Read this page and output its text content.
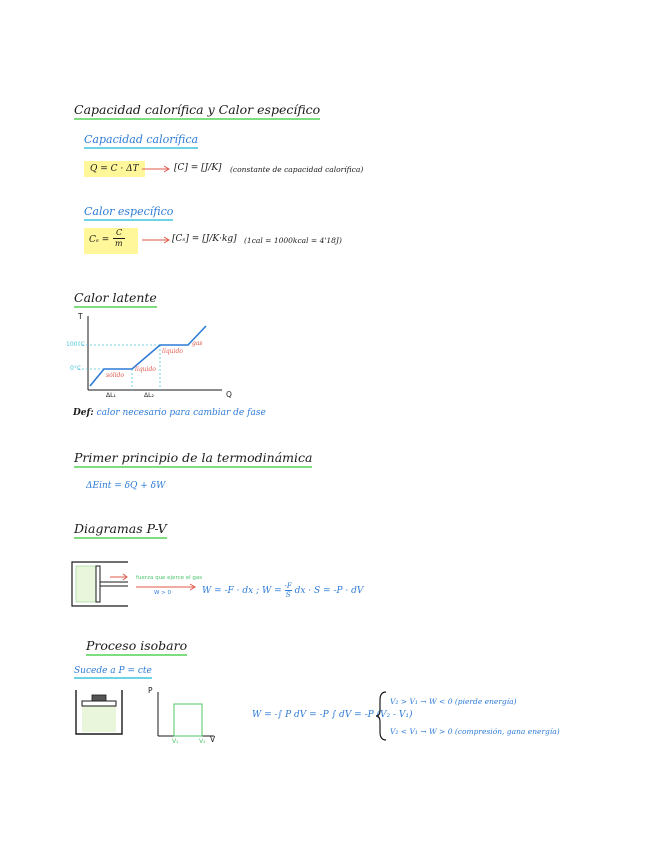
Capacidad calorífica y Calor específico
Capacidad calorífica
Q = C · ΔT	[C] = [J/K] (constante de capacidad calorífica)
Calor específico
Cₛ =
C
m	[Cₛ] = [J/K·kg] (1cal = 1000kcal = 4'18J)
Calor latente
T
Q
100°C
0°C
ΔL₁	ΔL₂
sólido
líquido
líquido
gas
Def: calor necesario para cambiar de fase
Primer principio de la termodinámica
ΔEint = δQ + δW
Diagramas P-V
fuerza que ejerce el gas
W > 0	W = -F · dx ; $W = \frac{-F}{S}$ dx · S = -P · dV
Proceso isobaro
Sucede a P = cte
P
V
V₁	V₂
W = -∫ P dV = -P ∫ dV = -P (V₂ - V₁)
V₂ > V₁ → W < 0 (pierde energía)
V₂ < V₁ → W > 0 (compresión, gana energía)
